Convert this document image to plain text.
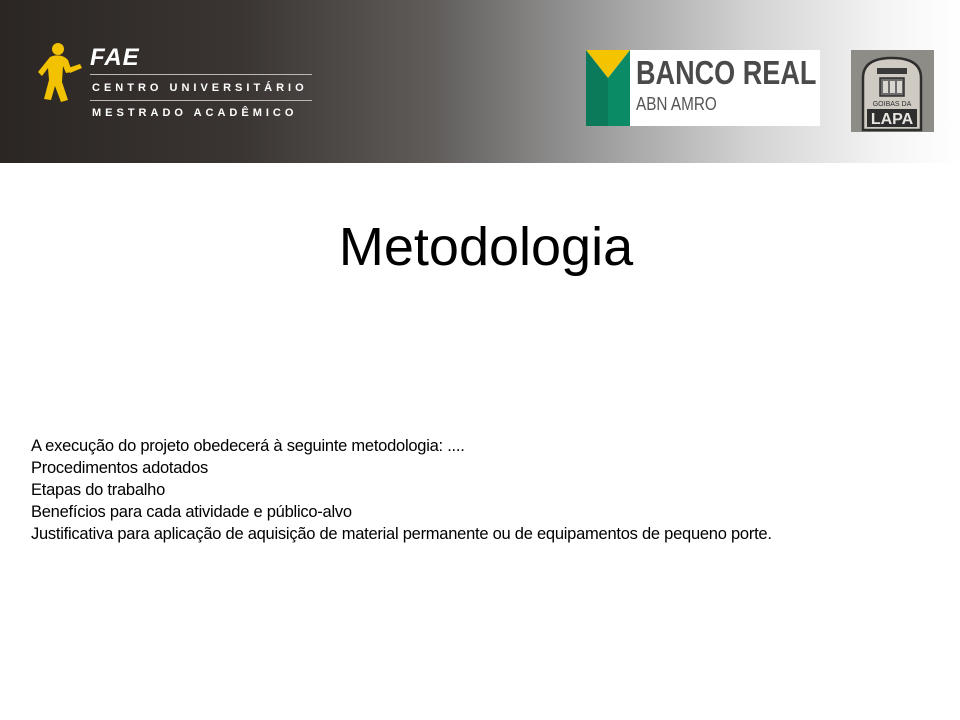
FAE
CENTRO UNIVERSITÁRIO
MESTRADO ACADÊMICO
BANCO REAL
ABN AMRO	GOIBAS DA
LAPA
Metodologia
A execução do projeto obedecerá à seguinte metodologia: ....
Procedimentos adotados
Etapas do trabalho
Benefícios para cada atividade e público-alvo
Justificativa para aplicação de aquisição de material permanente ou de equipamentos de pequeno porte.
